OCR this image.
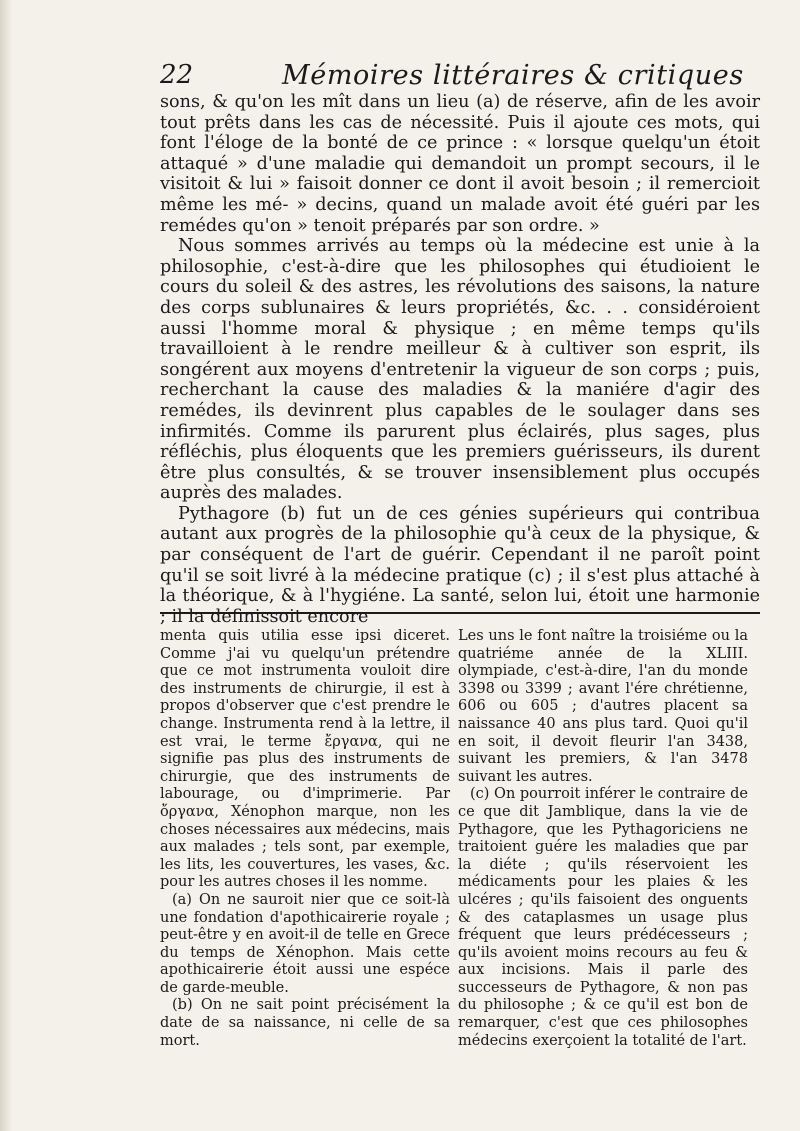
22	Mémoires littéraires & critiques

sons, & qu'on les mît dans un lieu (a) de réserve, afin de les avoir tout prêts dans les cas de nécessité. Puis il ajoute ces mots, qui font l'éloge de la bonté de ce prince : « lorsque quelqu'un étoit attaqué » d'une maladie qui demandoit un prompt secours, il le visitoit & lui » faisoit donner ce dont il avoit besoin ; il remercioit même les mé- » decins, quand un malade avoit été guéri par les remédes qu'on » tenoit préparés par son ordre. »

Nous sommes arrivés au temps où la médecine est unie à la philosophie, c'est-à-dire que les philosophes qui étudioient le cours du soleil & des astres, les révolutions des saisons, la nature des corps sublunaires & leurs propriétés, &c. . . considéroient aussi l'homme moral & physique ; en même temps qu'ils travailloient à le rendre meilleur & à cultiver son esprit, ils songérent aux moyens d'entretenir la vigueur de son corps ; puis, recherchant la cause des maladies & la maniére d'agir des remédes, ils devinrent plus capables de le soulager dans ses infirmités. Comme ils parurent plus éclairés, plus sages, plus réfléchis, plus éloquents que les premiers guérisseurs, ils durent être plus consultés, & se trouver insensiblement plus occupés auprès des malades.

Pythagore (b) fut un de ces génies supérieurs qui contribua autant aux progrès de la philosophie qu'à ceux de la physique, & par conséquent de l'art de guérir. Cependant il ne paroît point qu'il se soit livré à la médecine pratique (c) ; il s'est plus attaché à la théorique, & à l'hygiéne. La santé, selon lui, étoit une harmonie ; il la définissoit encore

menta quis utilia esse ipsi diceret. Comme j'ai vu quelqu'un prétendre que ce mot instrumenta vouloit dire des instruments de chirurgie, il est à propos d'observer que c'est prendre le change. Instrumenta rend à la lettre, il est vrai, le terme ἔργανα, qui ne signifie pas plus des instruments de chirurgie, que des instruments de labourage, ou d'imprimerie. Par ὄργανα, Xénophon marque, non les choses nécessaires aux médecins, mais aux malades ; tels sont, par exemple, les lits, les couvertures, les vases, &c. pour les autres choses il les nomme.

(a) On ne sauroit nier que ce soit-là une fondation d'apothicairerie royale ; peut-être y en avoit-il de telle en Grece du temps de Xénophon. Mais cette apothicairerie étoit aussi une espéce de garde-meuble.

(b) On ne sait point précisément la date de sa naissance, ni celle de sa mort.

Les uns le font naître la troisiéme ou la quatriéme année de la XLIII. olympiade, c'est-à-dire, l'an du monde 3398 ou 3399 ; avant l'ére chrétienne, 606 ou 605 ; d'autres placent sa naissance 40 ans plus tard. Quoi qu'il en soit, il devoit fleurir l'an 3438, suivant les premiers, & l'an 3478 suivant les autres.

(c) On pourroit inférer le contraire de ce que dit Jamblique, dans la vie de Pythagore, que les Pythagoriciens ne traitoient guére les maladies que par la diéte ; qu'ils réservoient les médicaments pour les plaies & les ulcéres ; qu'ils faisoient des onguents & des cataplasmes un usage plus fréquent que leurs prédécesseurs ; qu'ils avoient moins recours au feu & aux incisions. Mais il parle des successeurs de Pythagore, & non pas du philosophe ; & ce qu'il est bon de remarquer, c'est que ces philosophes médecins exerçoient la totalité de l'art.
